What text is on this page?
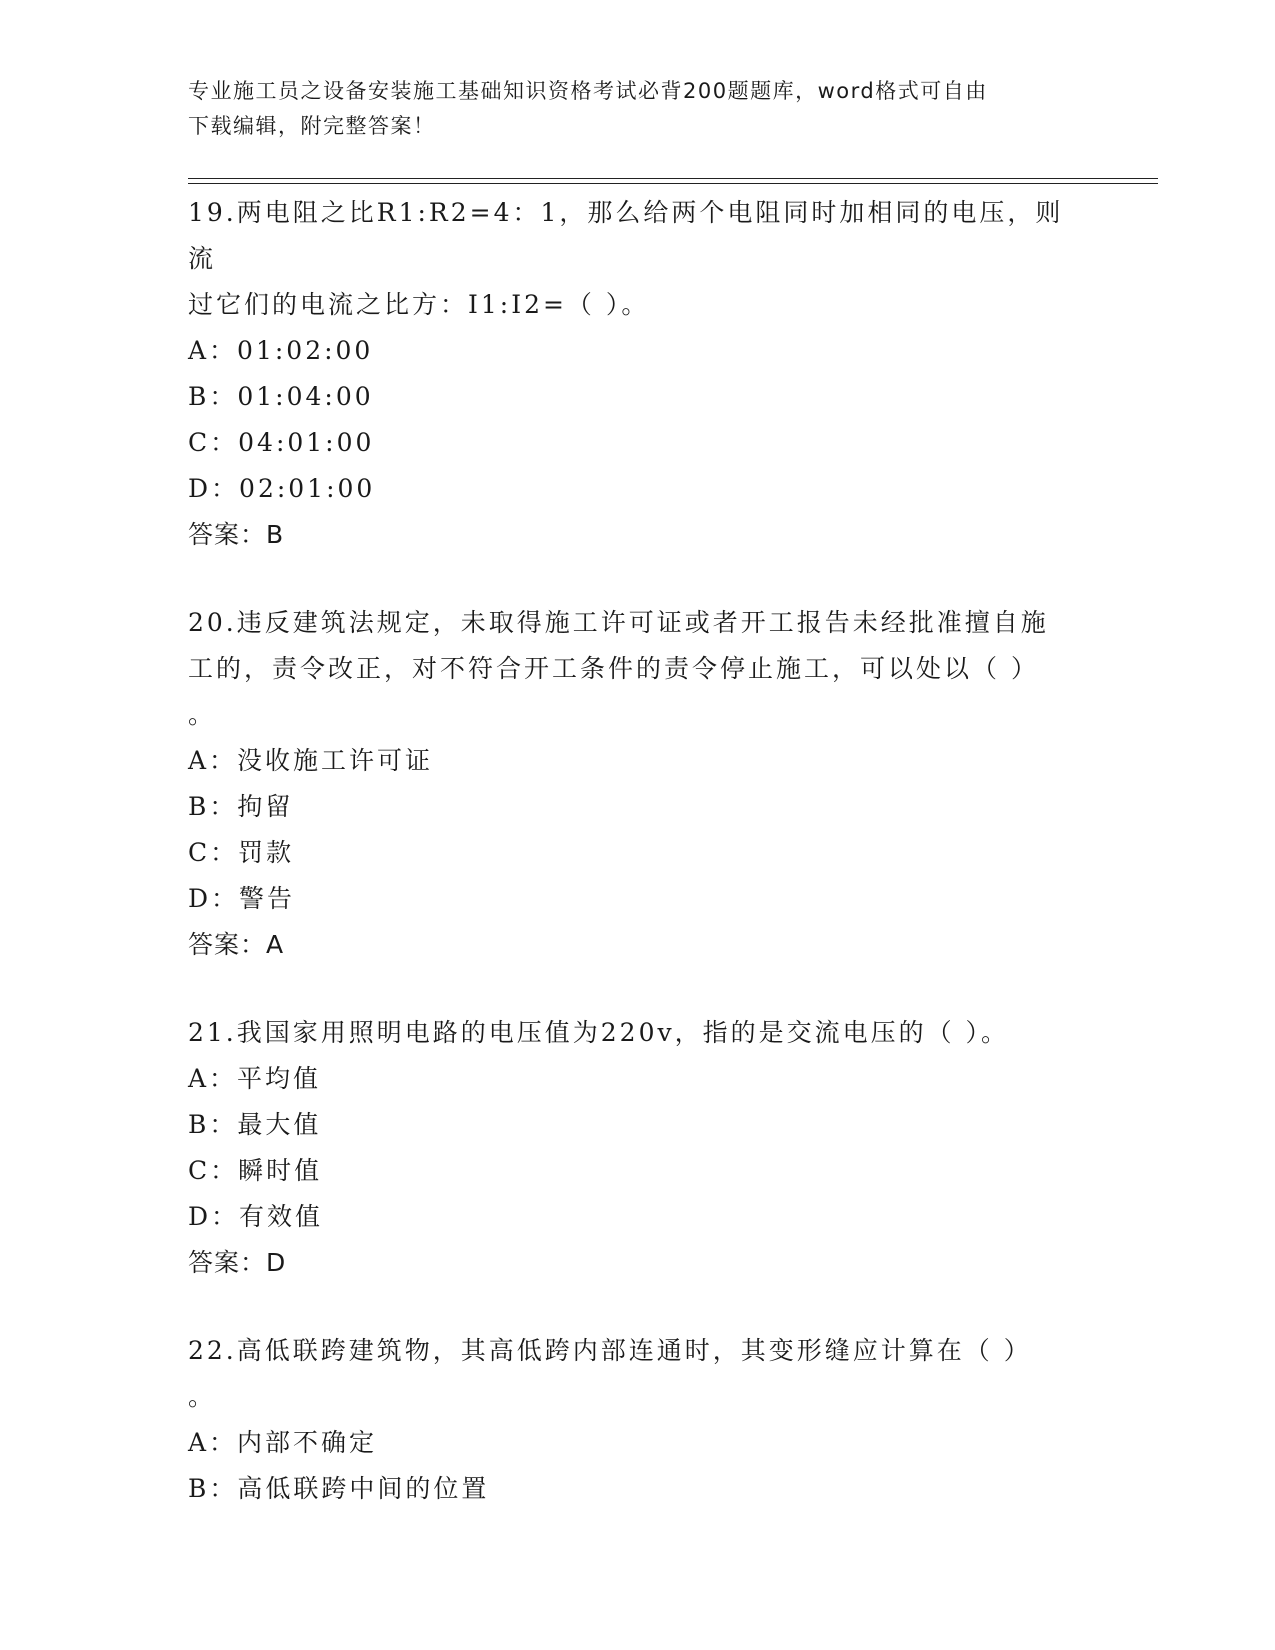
专业施工员之设备安装施工基础知识资格考试必背200题题库，word格式可自由
下载编辑，附完整答案！
19.两电阻之比R1:R2=4：1，那么给两个电阻同时加相同的电压，则流
过它们的电流之比方：I1:I2=（ ）。
A：01:02:00
B：01:04:00
C：04:01:00
D：02:01:00
答案：B
20.违反建筑法规定，未取得施工许可证或者开工报告未经批准擅自施
工的，责令改正，对不符合开工条件的责令停止施工，可以处以（ ）
。
A：没收施工许可证
B：拘留
C：罚款
D：警告
答案：A
21.我国家用照明电路的电压值为220v，指的是交流电压的（ ）。
A：平均值
B：最大值
C：瞬时值
D：有效值
答案：D
22.高低联跨建筑物，其高低跨内部连通时，其变形缝应计算在（ ）
。
A：内部不确定
B：高低联跨中间的位置
